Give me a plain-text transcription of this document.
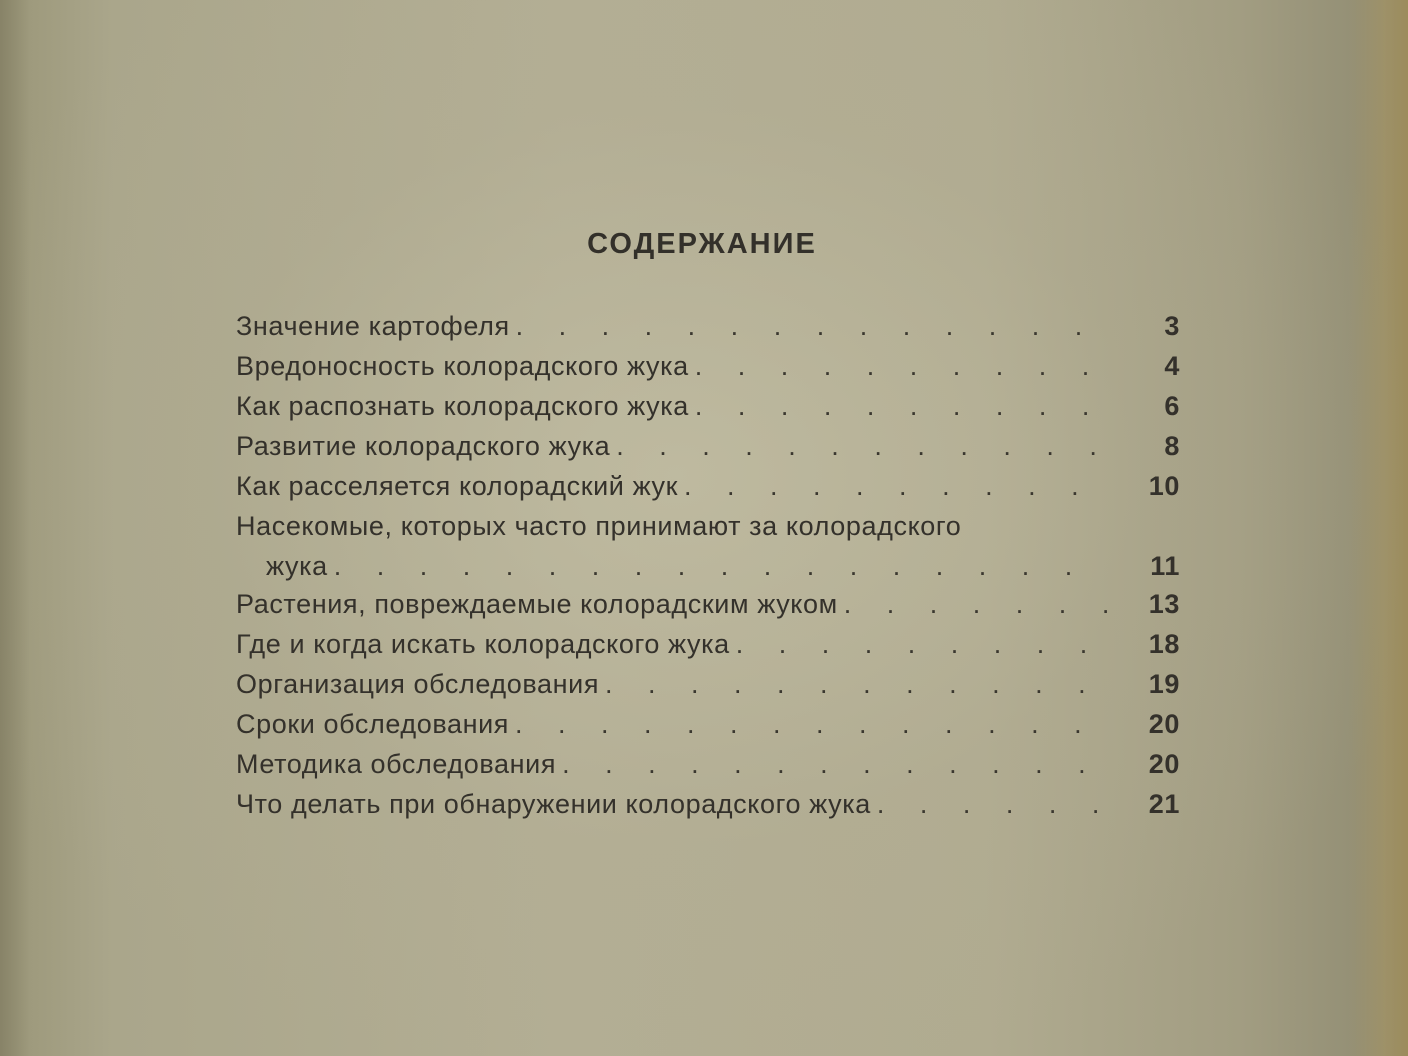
СОДЕРЖАНИЕ
Значение картофеля . . .	3
Вредоносность колорадского жука . . .	4
Как распознать колорадского жука . . .	6
Развитие колорадского жука . . .	8
Как расселяется колорадский жук . . .	10
Насекомые, которых часто принимают за колорадского
жука . . .	11
Растения, повреждаемые колорадским жуком . . .	13
Где и когда искать колорадского жука . . .	18
Организация обследования . . .	19
Сроки обследования . . .	20
Методика обследования . . .	20
Что делать при обнаружении колорадского жука . . .	21
